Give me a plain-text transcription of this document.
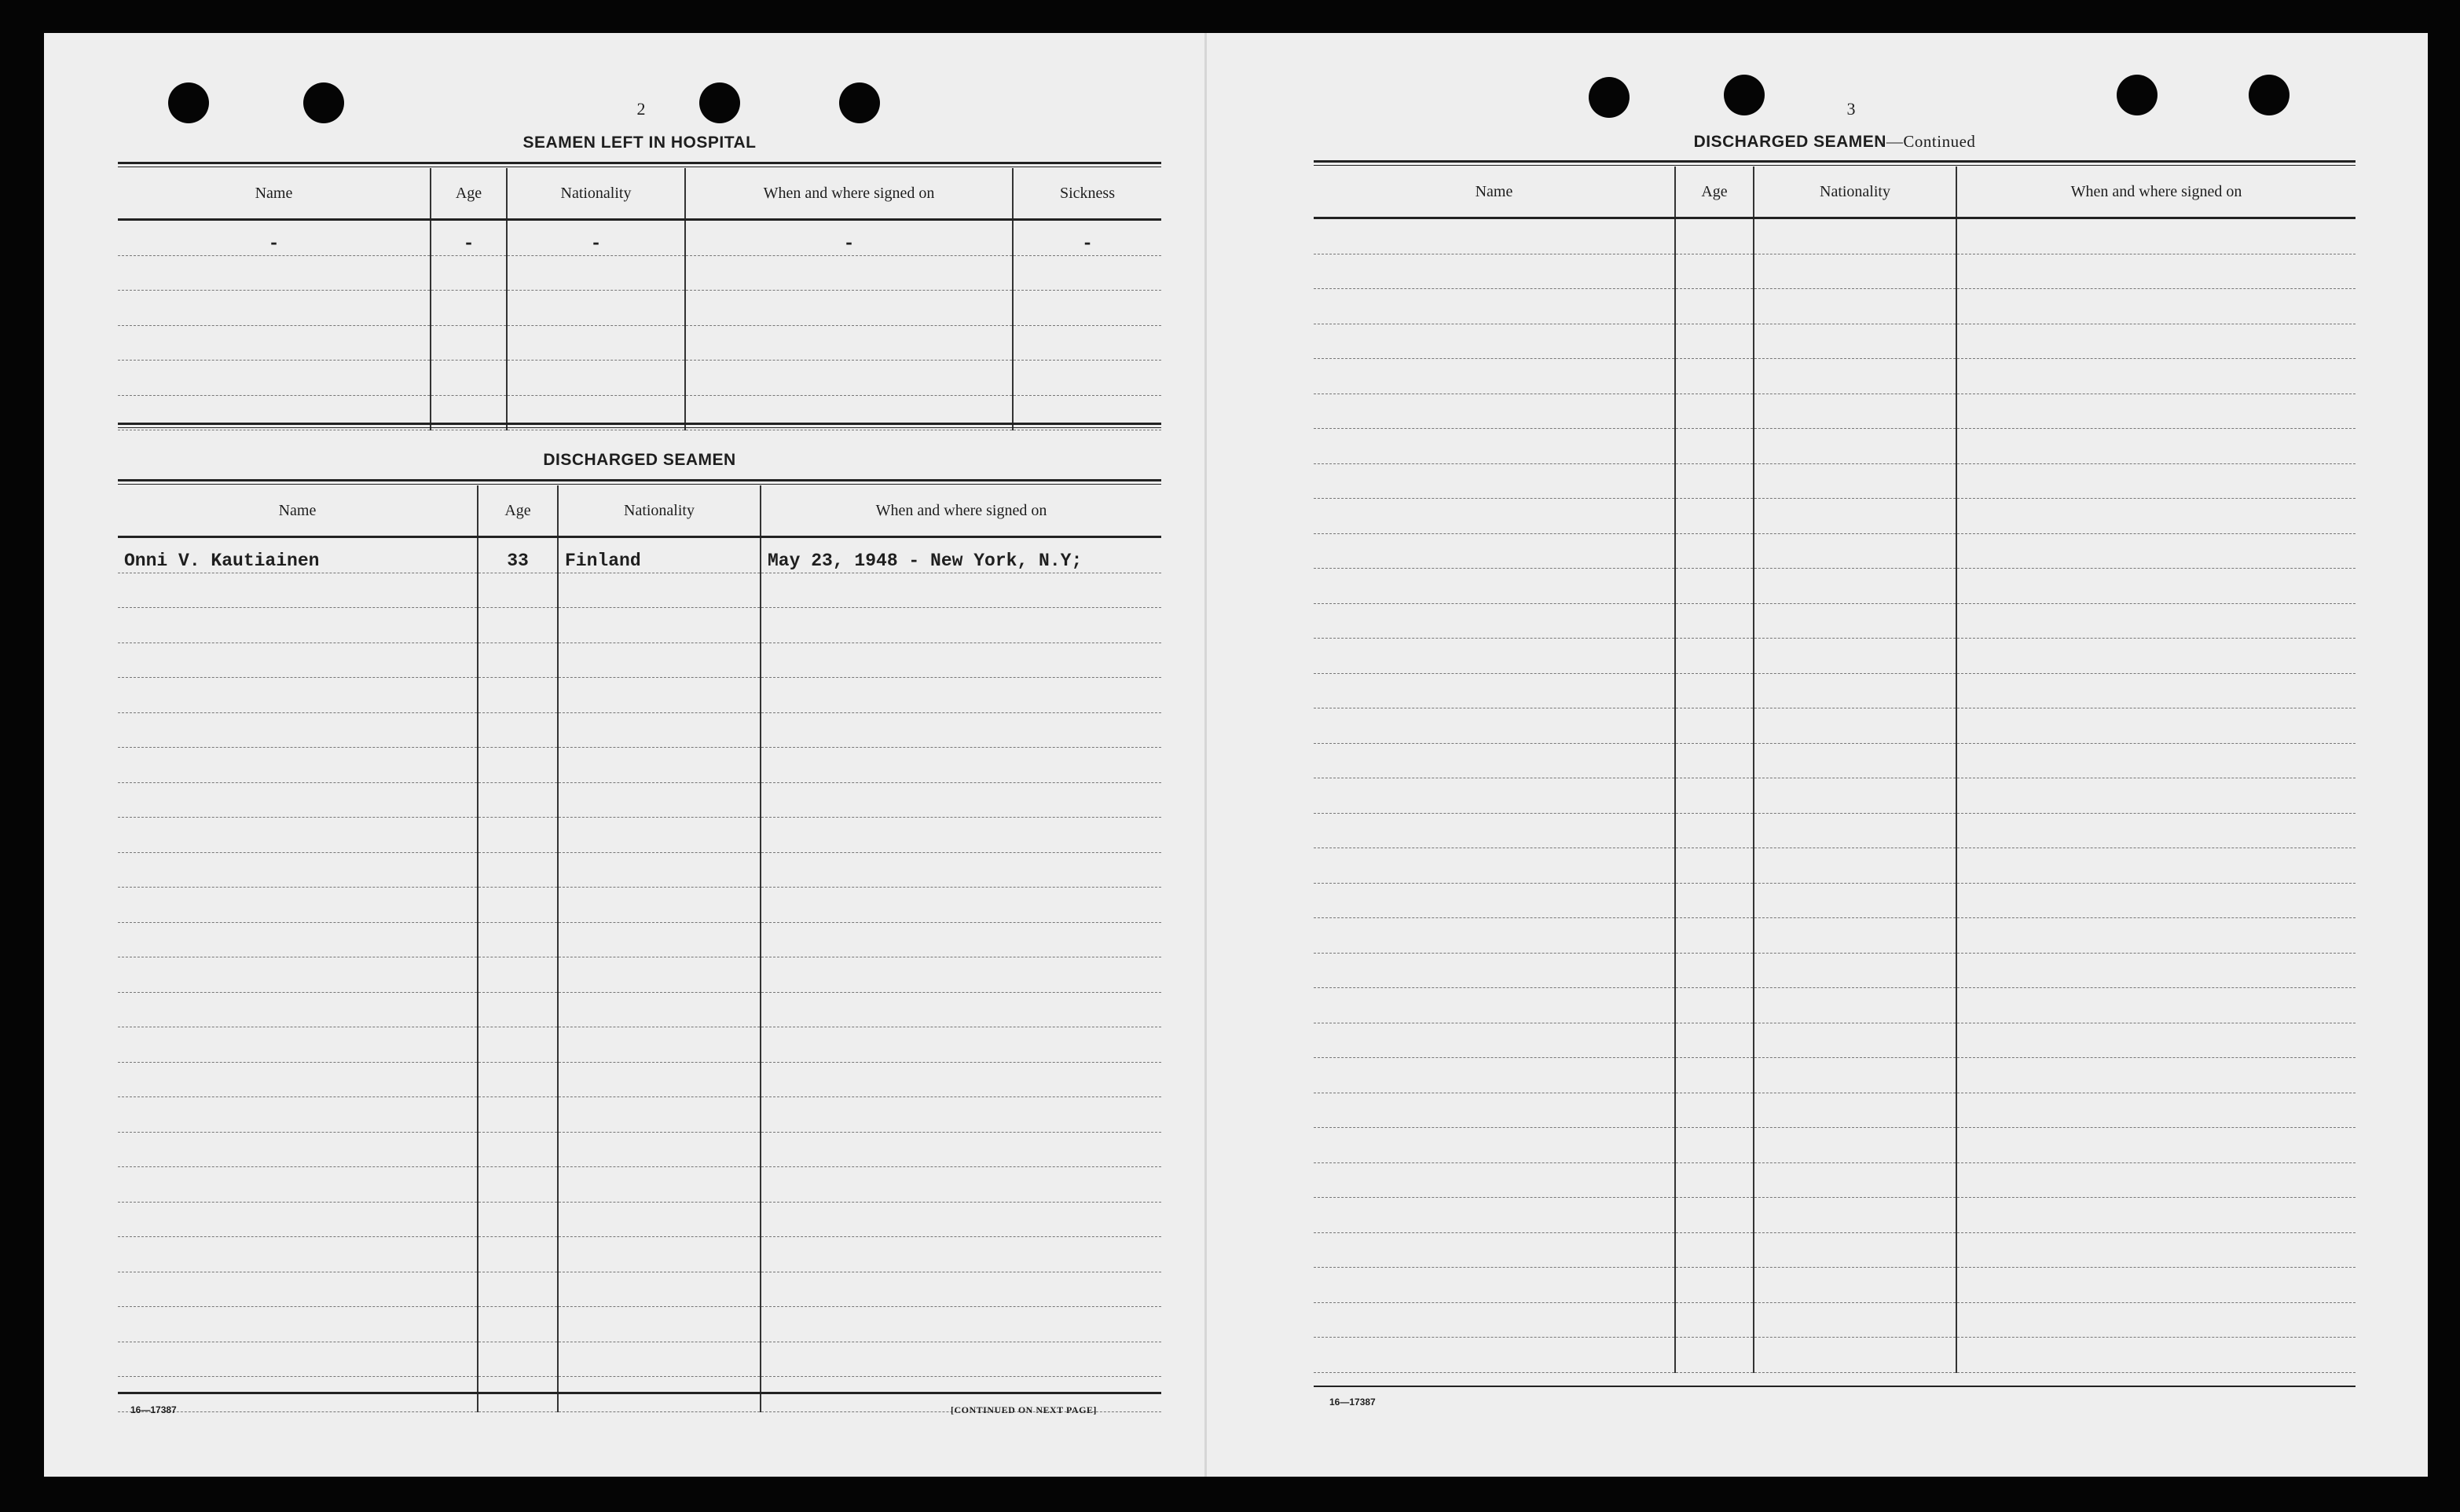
2
SEAMEN LEFT IN HOSPITAL
Name	Age	Nationality	When and where signed on	Sickness
-	-	-	-	-

DISCHARGED SEAMEN
Name	Age	Nationality	When and where signed on
Onni V. Kautiainen	33	Finland	May 23, 1948 - New York, N.Y;

16—17387	[CONTINUED ON NEXT PAGE]
3
DISCHARGED SEAMEN—Continued
Name	Age	Nationality	When and where signed on

16—17387
